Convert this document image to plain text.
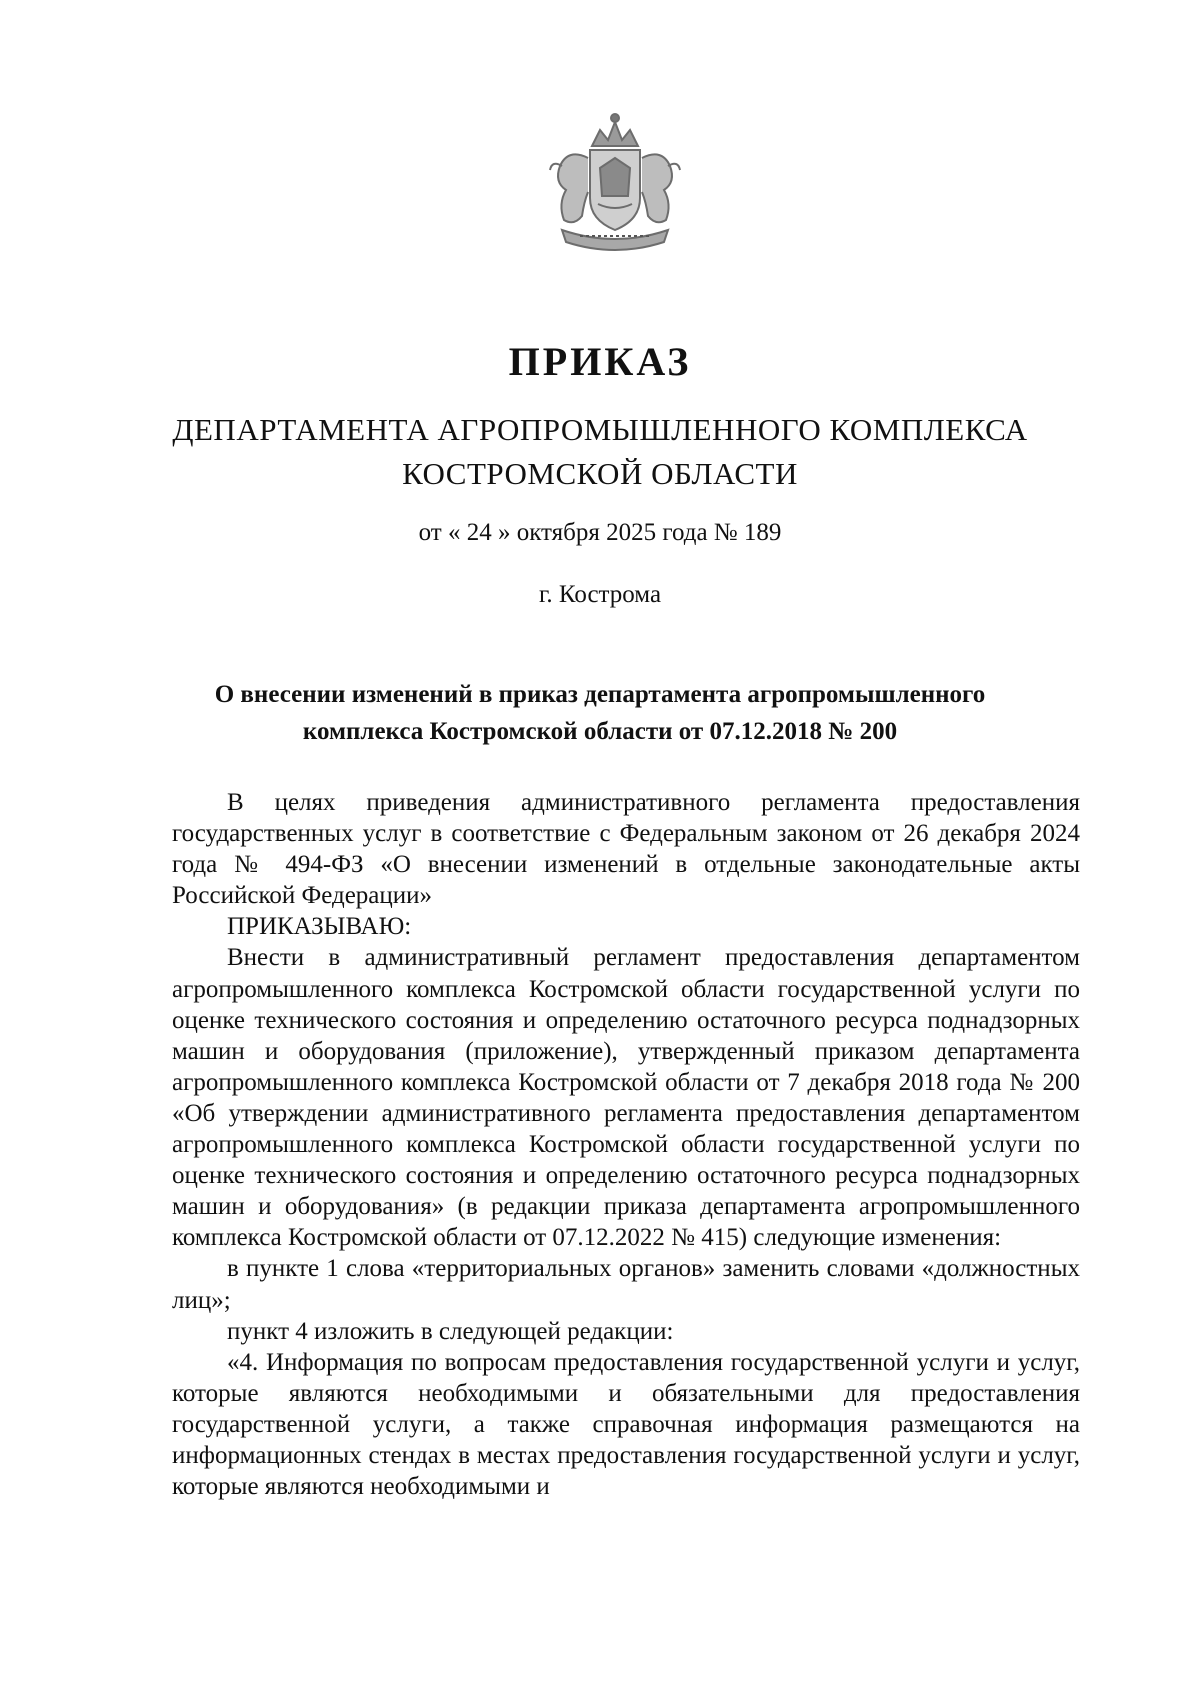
ПРИКАЗ
ДЕПАРТАМЕНТА АГРОПРОМЫШЛЕННОГО КОМПЛЕКСА
КОСТРОМСКОЙ ОБЛАСТИ
от « 24 » октября 2025 года № 189
г. Кострома
О внесении изменений в приказ департамента агропромышленного
комплекса Костромской области от 07.12.2018 № 200

В целях приведения административного регламента предоставления государственных услуг в соответствие с Федеральным законом от 26 декабря 2024 года № 494-ФЗ «О внесении изменений в отдельные законодательные акты Российской Федерации»

ПРИКАЗЫВАЮ:

Внести в административный регламент предоставления департаментом агропромышленного комплекса Костромской области государственной услуги по оценке технического состояния и определению остаточного ресурса поднадзорных машин и оборудования (приложение), утвержденный приказом департамента агропромышленного комплекса Костромской области от 7 декабря 2018 года № 200 «Об утверждении административного регламента предоставления департаментом агропромышленного комплекса Костромской области государственной услуги по оценке технического состояния и определению остаточного ресурса поднадзорных машин и оборудования» (в редакции приказа департамента агропромышленного комплекса Костромской области от 07.12.2022 № 415) следующие изменения:

в пункте 1 слова «территориальных органов» заменить словами «должностных лиц»;

пункт 4 изложить в следующей редакции:

«4. Информация по вопросам предоставления государственной услуги и услуг, которые являются необходимыми и обязательными для предоставления государственной услуги, а также справочная информация размещаются на информационных стендах в местах предоставления государственной услуги и услуг, которые являются необходимыми и
